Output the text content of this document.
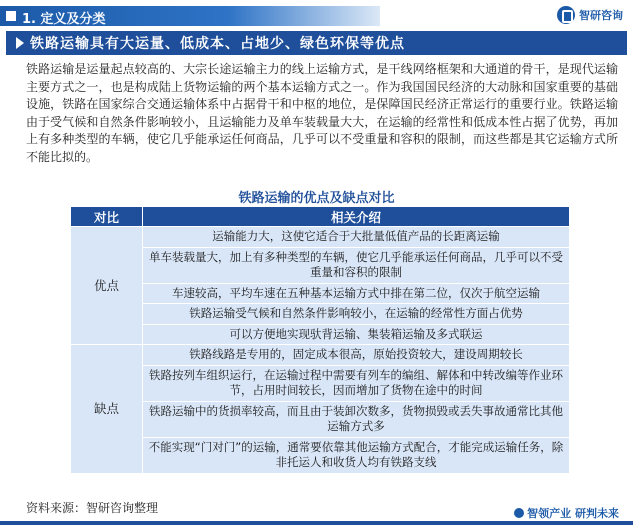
1. 定义及分类	智研咨询
铁路运输具有大运量、低成本、占地少、绿色环保等优点
铁路运输是运量起点较高的、大宗长途运输主力的线上运输方式，是干线网络框架和大通道的骨干，是现代运输主要方式之一，也是构成陆上货物运输的两个基本运输方式之一。作为我国国民经济的大动脉和国家重要的基础设施，铁路在国家综合交通运输体系中占据骨干和中枢的地位，是保障国民经济正常运行的重要行业。铁路运输由于受气候和自然条件影响较小，且运输能力及单车装载量大大，在运输的经常性和低成本性占据了优势，再加上有多种类型的车辆，使它几乎能承运任何商品，几乎可以不受重量和容积的限制，而这些都是其它运输方式所不能比拟的。
铁路运输的优点及缺点对比
对比	相关介绍
优点	运输能力大，这使它适合于大批量低值产品的长距离运输
	单车装载量大，加上有多种类型的车辆，使它几乎能承运任何商品，几乎可以不受重量和容积的限制
	车速较高，平均车速在五种基本运输方式中排在第二位，仅次于航空运输
	铁路运输受气候和自然条件影响较小，在运输的经常性方面占优势
	可以方便地实现驮背运输、集装箱运输及多式联运
缺点	铁路线路是专用的，固定成本很高，原始投资较大，建设周期较长
	铁路按列车组织运行，在运输过程中需要有列车的编组、解体和中转改编等作业环节，占用时间较长，因而增加了货物在途中的时间
	铁路运输中的货损率较高，而且由于装卸次数多，货物损毁或丢失事故通常比其他运输方式多
	不能实现“门对门”的运输，通常要依靠其他运输方式配合，才能完成运输任务，除非托运人和收货人均有铁路支线
资料来源：智研咨询整理	智领产业 研判未来
